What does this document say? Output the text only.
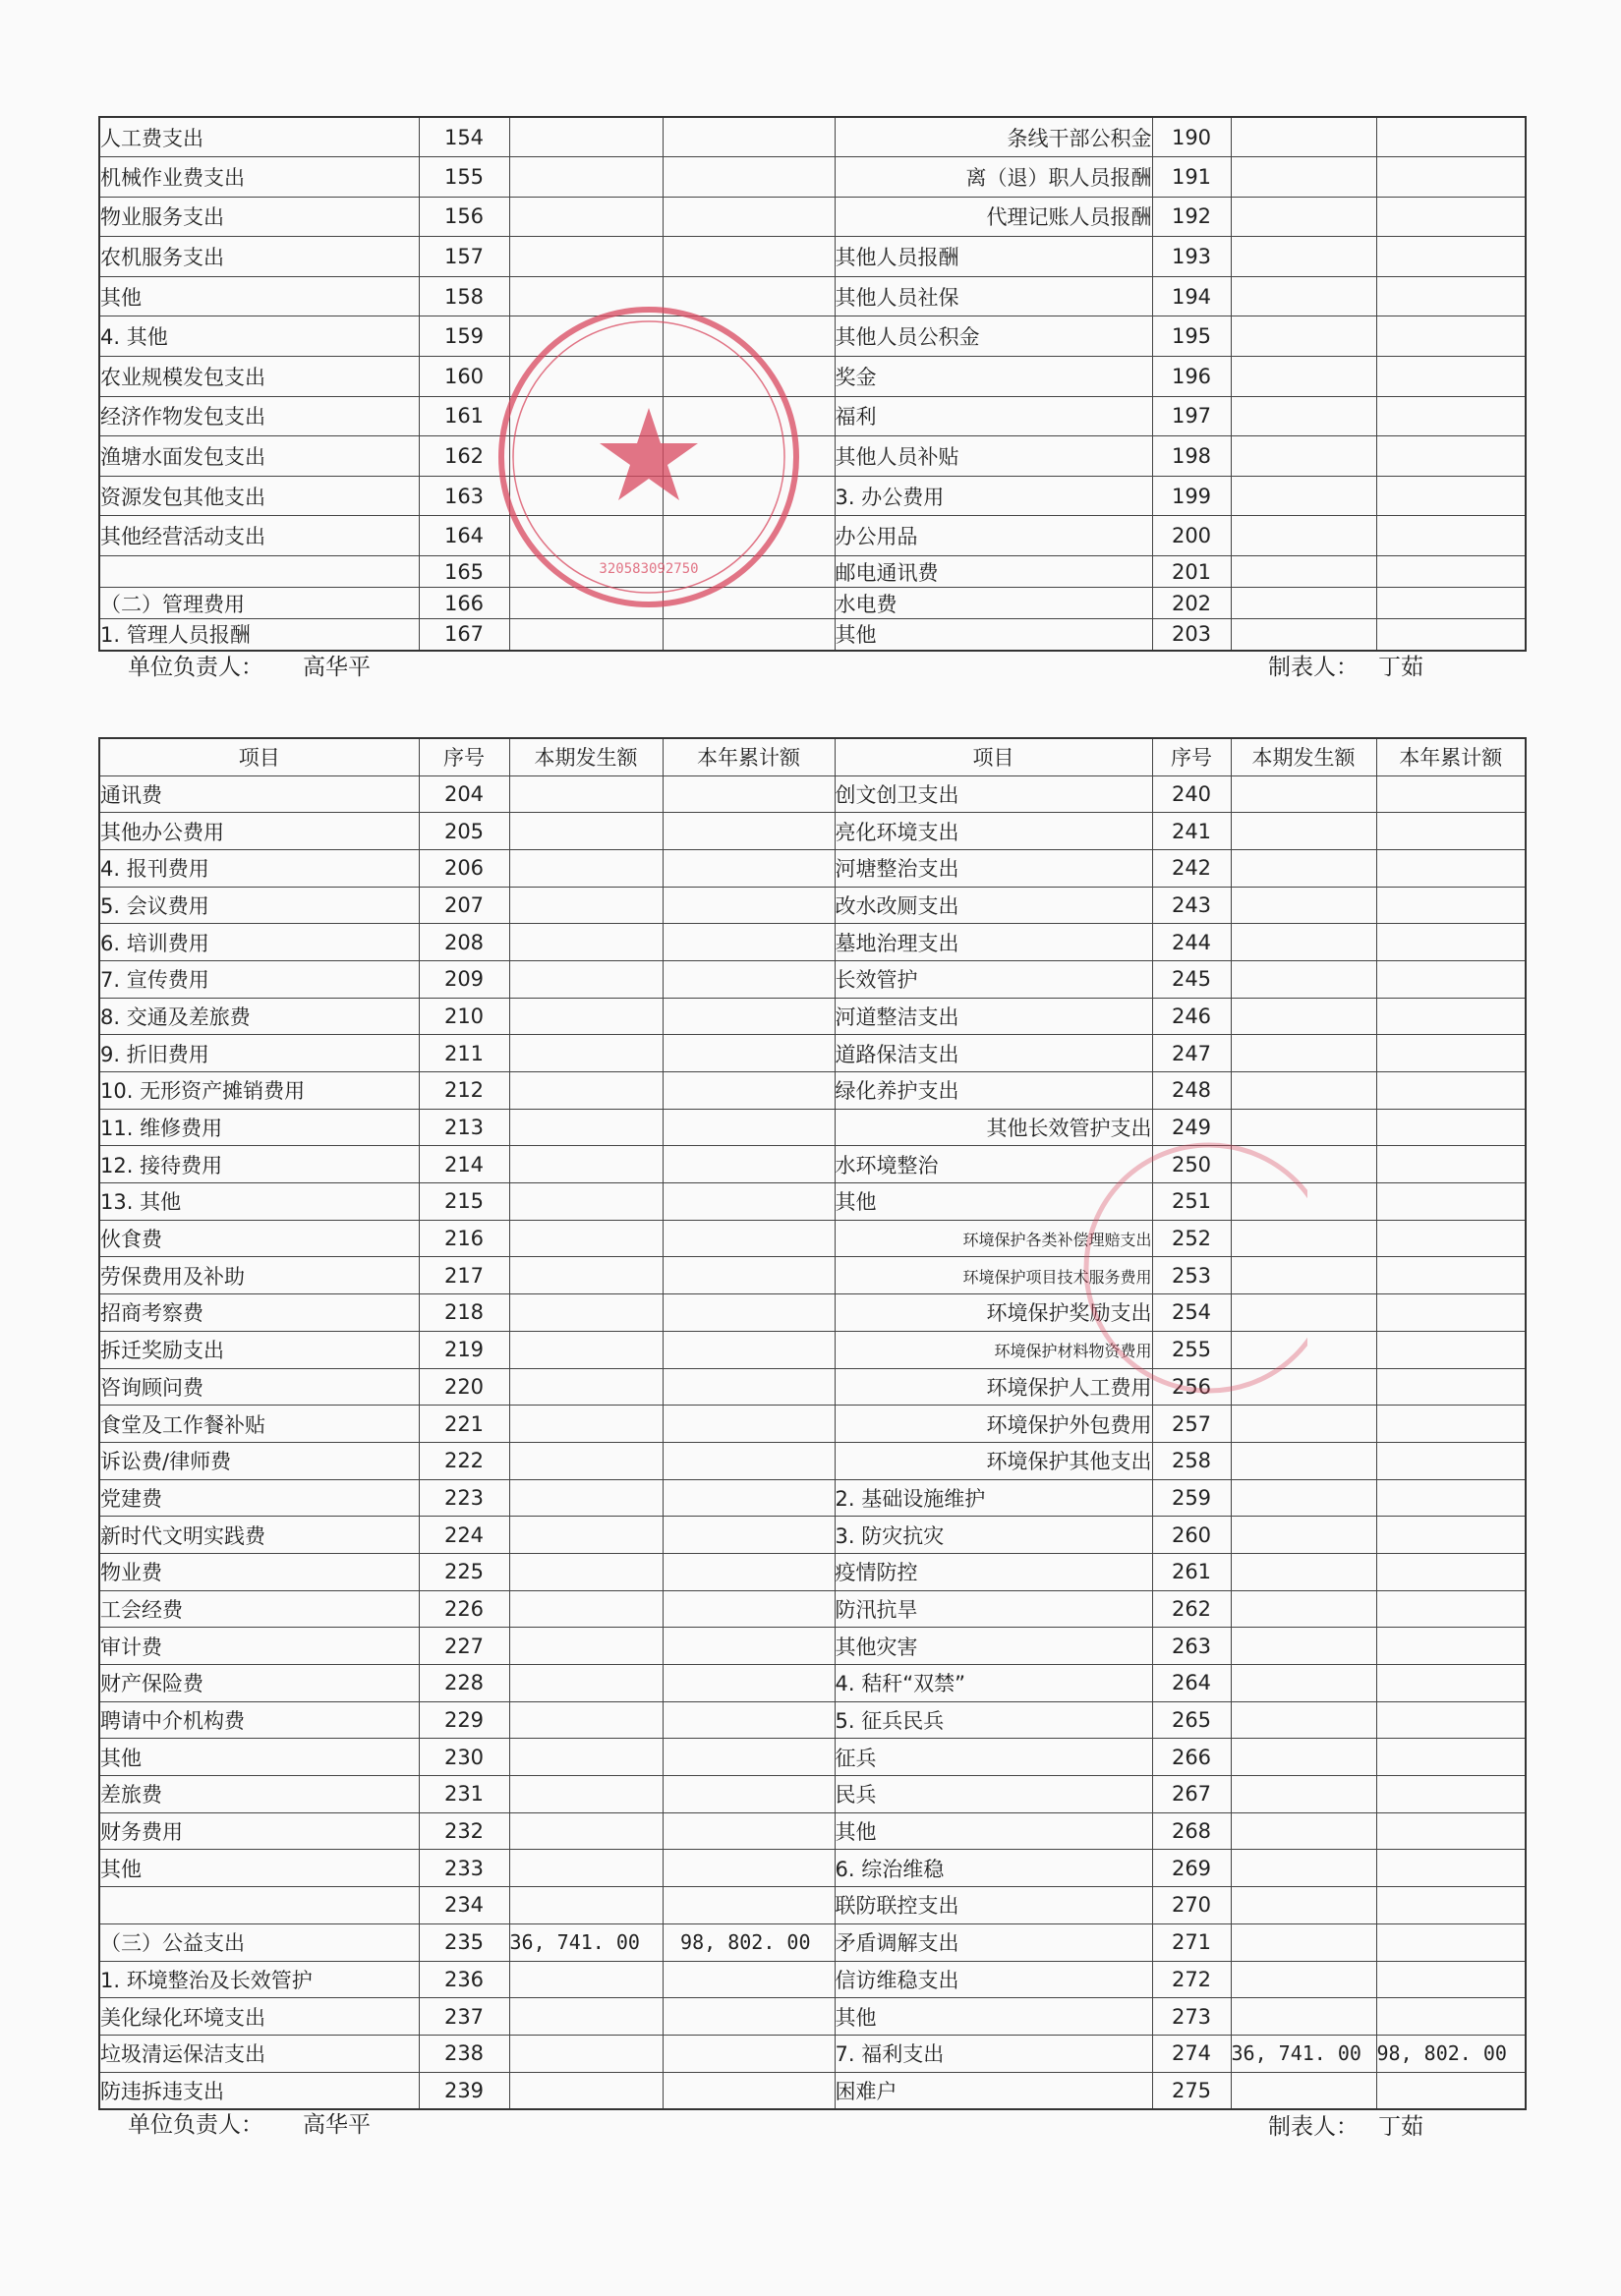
人工费支出	154			条线干部公积金	190		
机械作业费支出	155			离（退）职人员报酬	191		
物业服务支出	156			代理记账人员报酬	192		
农机服务支出	157			其他人员报酬	193		
其他	158			其他人员社保	194		
4. 其他	159			其他人员公积金	195		
农业规模发包支出	160			奖金	196		
经济作物发包支出	161			福利	197		
渔塘水面发包支出	162			其他人员补贴	198		
资源发包其他支出	163			3. 办公费用	199		
其他经营活动支出	164			办公用品	200		
	165			邮电通讯费	201		
（二）管理费用	166			水电费	202		
1. 管理人员报酬	167			其他	203		
单位负责人： 高华平	制表人： 丁茹
项目	序号	本期发生额	本年累计额	项目	序号	本期发生额	本年累计额
通讯费	204			创文创卫支出	240		
其他办公费用	205			亮化环境支出	241		
4. 报刊费用	206			河塘整治支出	242		
5. 会议费用	207			改水改厕支出	243		
6. 培训费用	208			墓地治理支出	244		
7. 宣传费用	209			长效管护	245		
8. 交通及差旅费	210			河道整洁支出	246		
9. 折旧费用	211			道路保洁支出	247		
10. 无形资产摊销费用	212			绿化养护支出	248		
11. 维修费用	213			其他长效管护支出	249		
12. 接待费用	214			水环境整治	250		
13. 其他	215			其他	251		
伙食费	216			环境保护各类补偿理赔支出	252		
劳保费用及补助	217			环境保护项目技术服务费用	253		
招商考察费	218			环境保护奖励支出	254		
拆迁奖励支出	219			环境保护材料物资费用	255		
咨询顾问费	220			环境保护人工费用	256		
食堂及工作餐补贴	221			环境保护外包费用	257		
诉讼费/律师费	222			环境保护其他支出	258		
党建费	223			2. 基础设施维护	259		
新时代文明实践费	224			3. 防灾抗灾	260		
物业费	225			疫情防控	261		
工会经费	226			防汛抗旱	262		
审计费	227			其他灾害	263		
财产保险费	228			4. 秸秆“双禁”	264		
聘请中介机构费	229			5. 征兵民兵	265		
其他	230			征兵	266		
差旅费	231			民兵	267		
财务费用	232			其他	268		
其他	233			6. 综治维稳	269		
	234			联防联控支出	270		
（三）公益支出	235	36, 741. 00	98, 802. 00	矛盾调解支出	271		
1. 环境整治及长效管护	236			信访维稳支出	272		
美化绿化环境支出	237			其他	273		
垃圾清运保洁支出	238			7. 福利支出	274	36, 741. 00	98, 802. 00
防违拆违支出	239			困难户	275		
单位负责人： 高华平	制表人： 丁茹
320583092750
